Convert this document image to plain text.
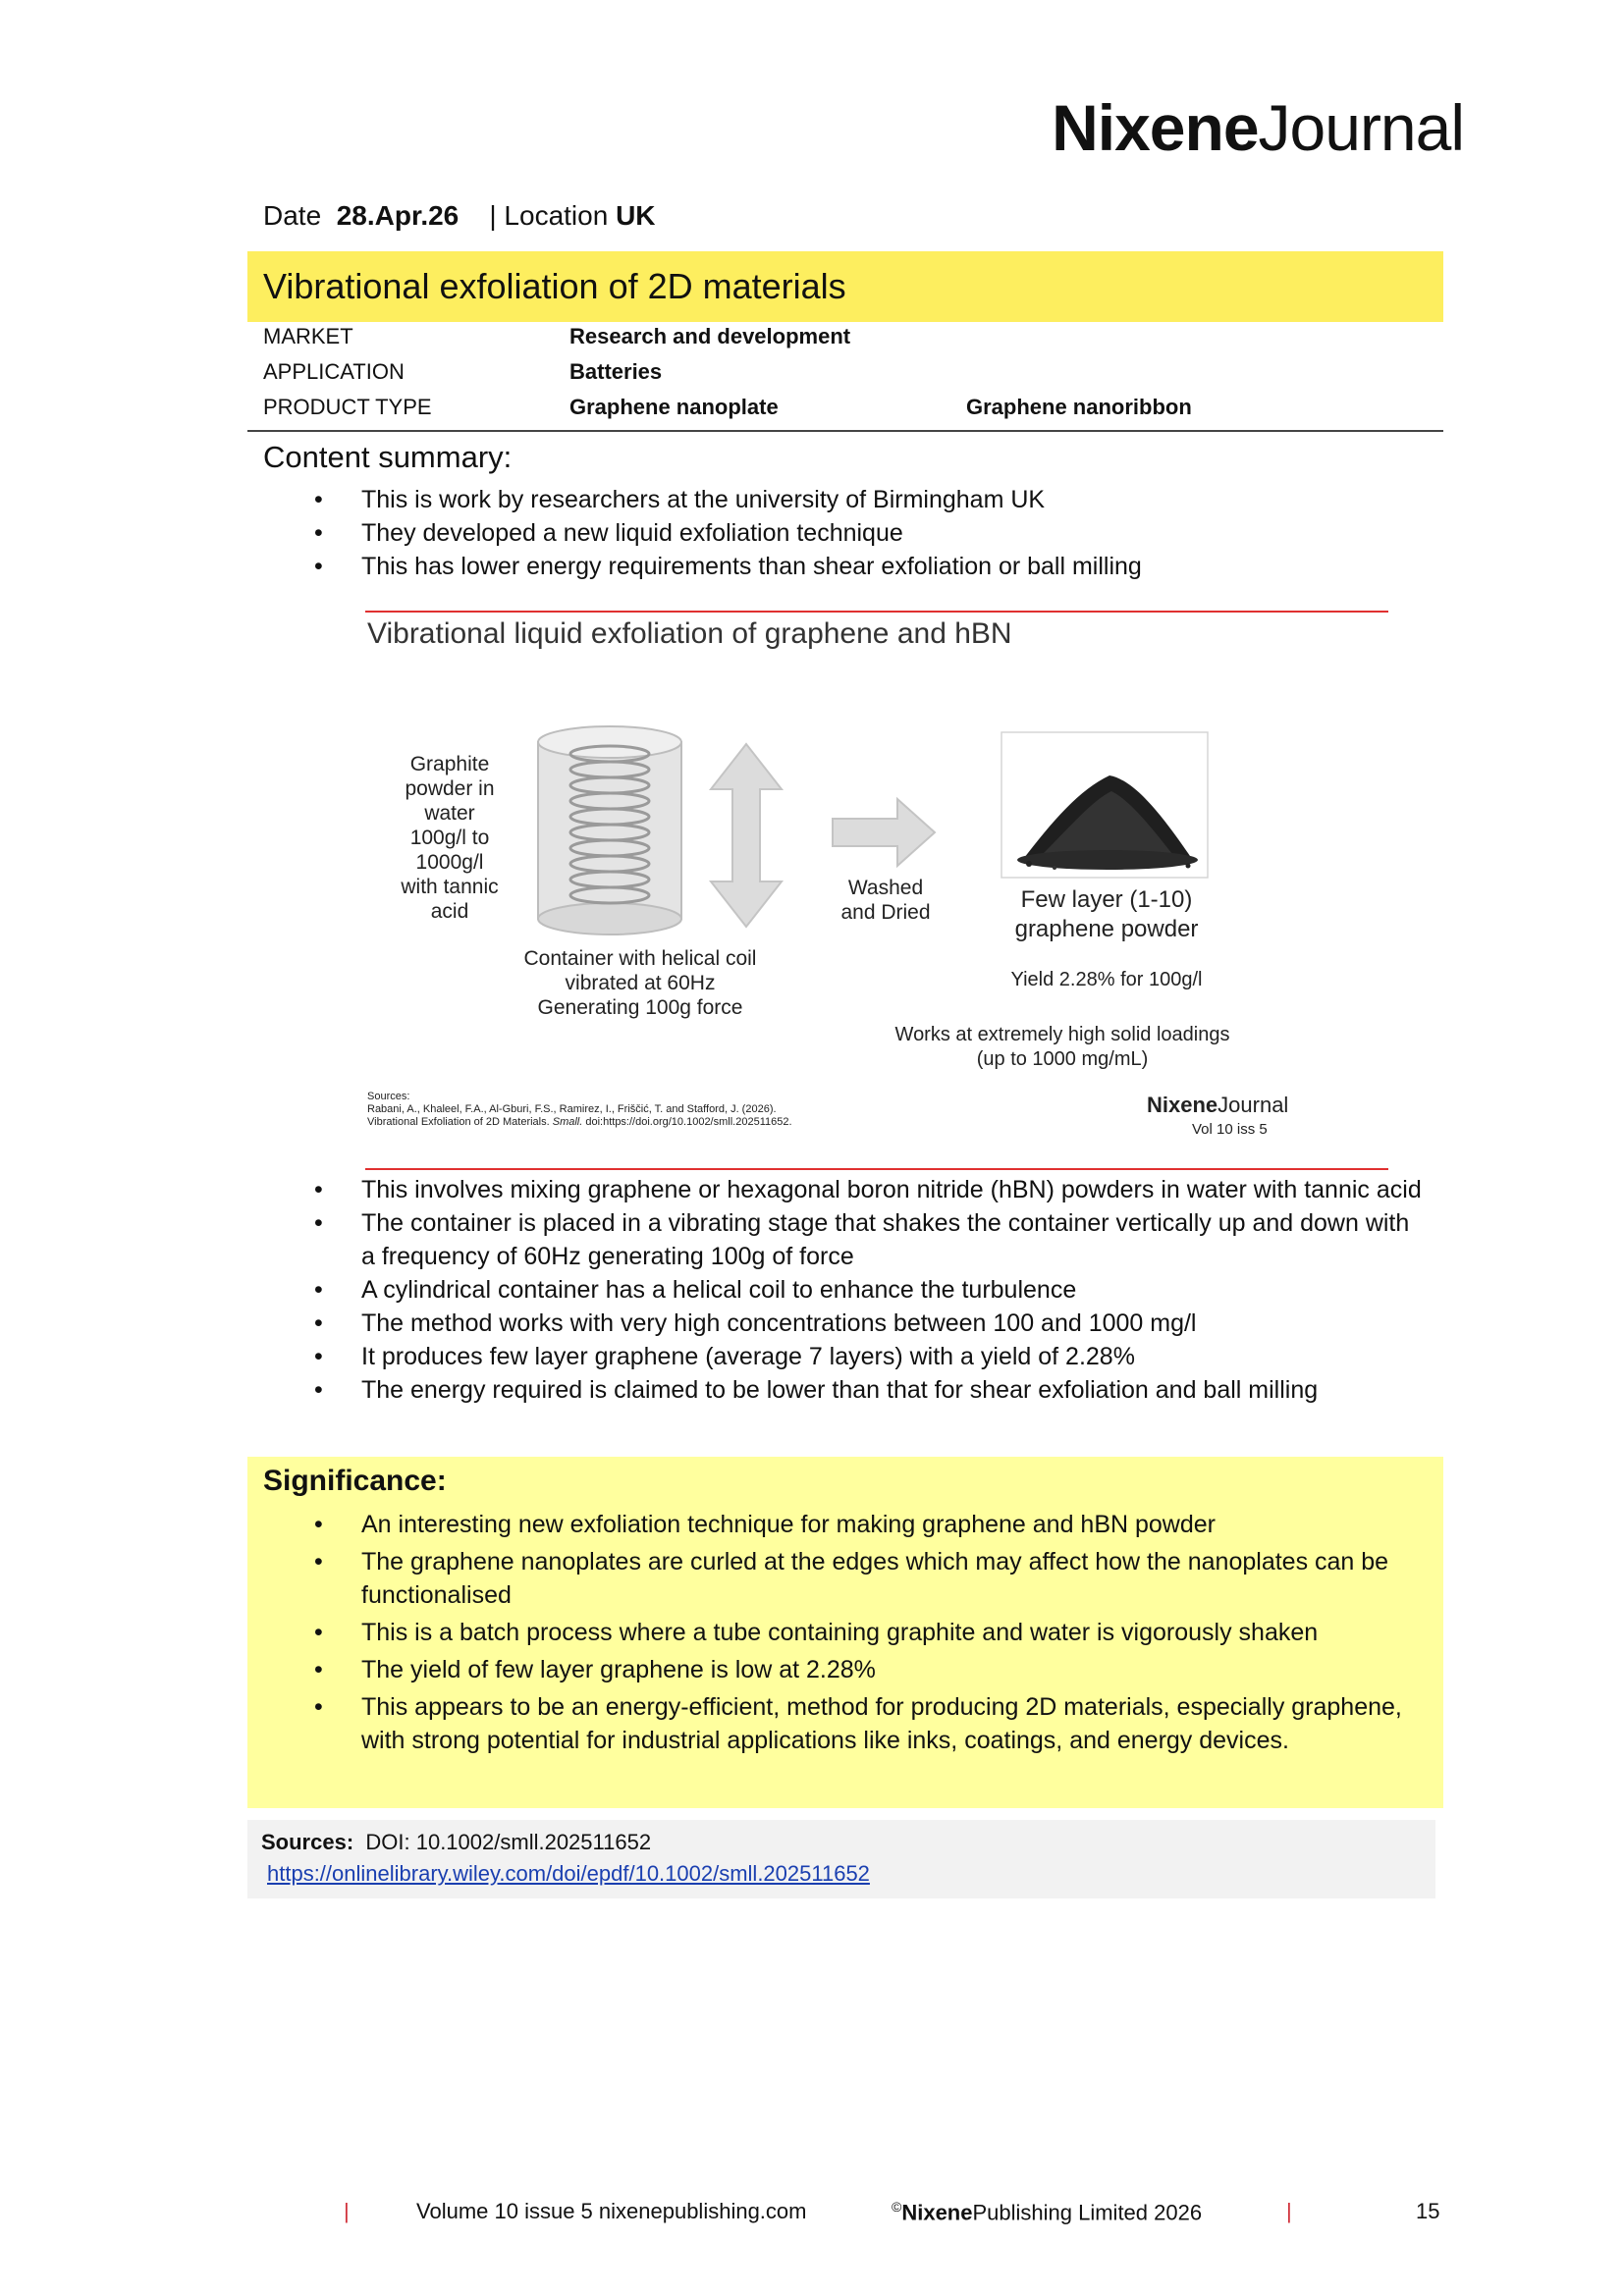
NixeneJournal
Date 28.Apr.26 | Location UK
Vibrational exfoliation of 2D materials
MARKET	Research and development
APPLICATION	Batteries
PRODUCT TYPE	Graphene nanoplate	Graphene nanoribbon
Content summary:
• This is work by researchers at the university of Birmingham UK
• They developed a new liquid exfoliation technique
• This has lower energy requirements than shear exfoliation or ball milling
Vibrational liquid exfoliation of graphene and hBN
Graphite
powder in
water
100g/l to
1000g/l
with tannic
acid
Container with helical coil
vibrated at 60Hz
Generating 100g force
Washed
and Dried	Few layer (1-10)
graphene powder
Yield 2.28% for 100g/l
Works at extremely high solid loadings
(up to 1000 mg/mL)
Sources:
Rabani, A., Khaleel, F.A., Al-Gburi, F.S., Ramirez, I., Friščić, T. and Stafford, J. (2026).
Vibrational Exfoliation of 2D Materials. Small. doi:https://doi.org/10.1002/smll.202511652.
NixeneJournal
Vol 10 iss 5
• This involves mixing graphene or hexagonal boron nitride (hBN) powders in water with tannic acid
• The container is placed in a vibrating stage that shakes the container vertically up and down with a frequency of 60Hz generating 100g of force
• A cylindrical container has a helical coil to enhance the turbulence
• The method works with very high concentrations between 100 and 1000 mg/l
• It produces few layer graphene (average 7 layers) with a yield of 2.28%
• The energy required is claimed to be lower than that for shear exfoliation and ball milling
Significance:
• An interesting new exfoliation technique for making graphene and hBN powder
• The graphene nanoplates are curled at the edges which may affect how the nanoplates can be functionalised
• This is a batch process where a tube containing graphite and water is vigorously shaken
• The yield of few layer graphene is low at 2.28%
• This appears to be an energy-efficient, method for producing 2D materials, especially graphene, with strong potential for industrial applications like inks, coatings, and energy devices.
Sources: DOI: 10.1002/smll.202511652
https://onlinelibrary.wiley.com/doi/epdf/10.1002/smll.202511652
|	Volume 10 issue 5 nixenepublishing.com	©NixenePublishing Limited 2026	|	15
